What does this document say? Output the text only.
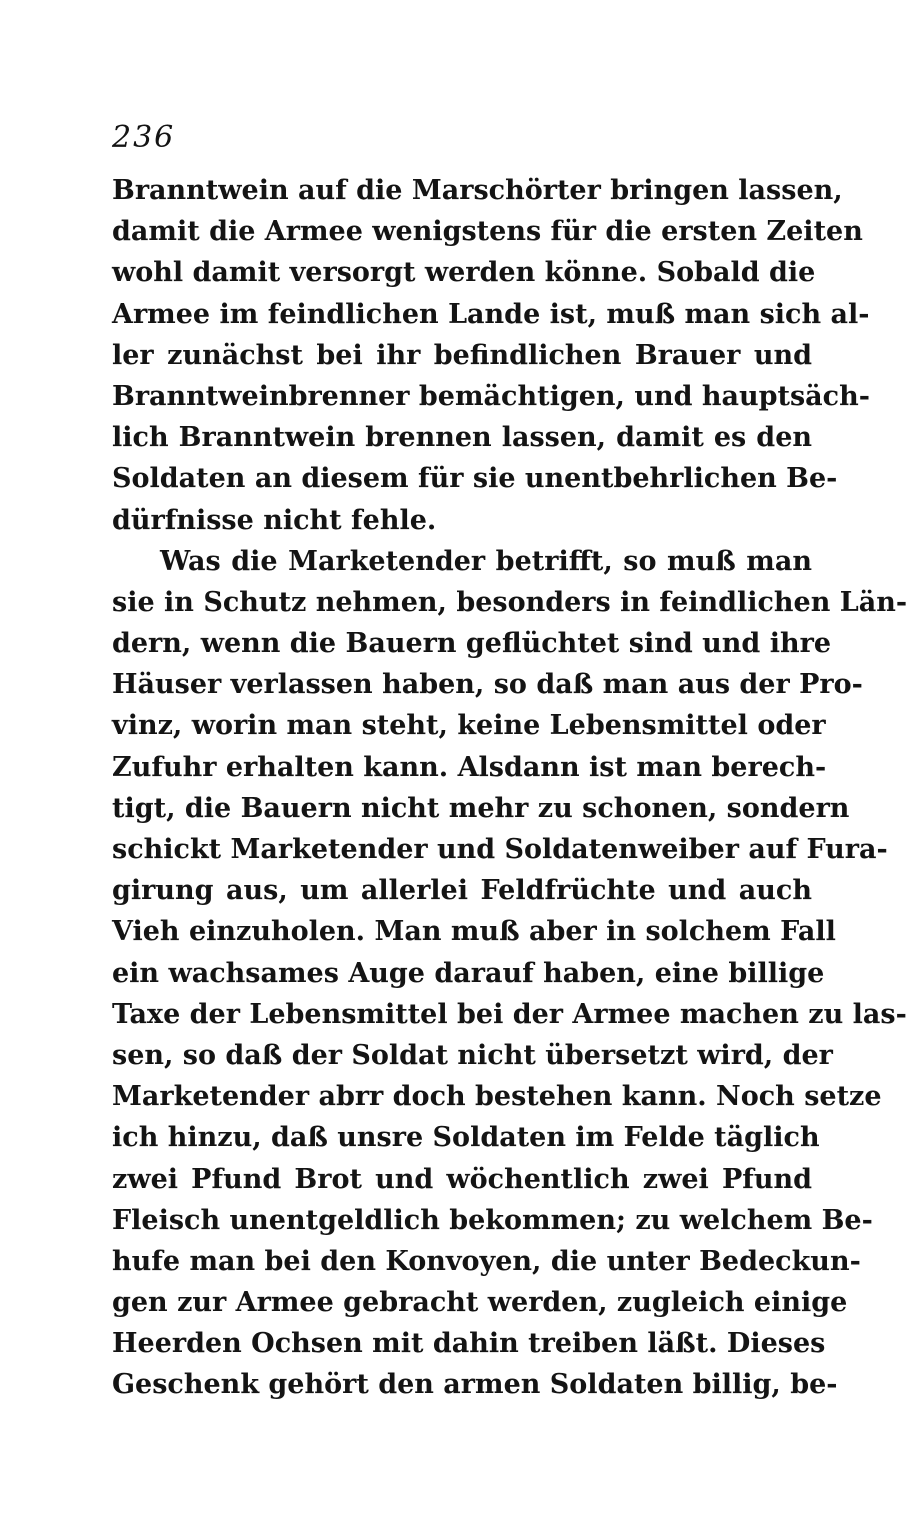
236
Branntwein auf die Marschörter bringen lassen,
damit die Armee wenigstens für die ersten Zeiten
wohl damit versorgt werden könne. Sobald die
Armee im feindlichen Lande ist, muß man sich al-
ler zunächst bei ihr befindlichen Brauer und
Branntweinbrenner bemächtigen, und hauptsäch-
lich Branntwein brennen lassen, damit es den
Soldaten an diesem für sie unentbehrlichen Be-
dürfnisse nicht fehle.
Was die Marketender betrifft, so muß man
sie in Schutz nehmen, besonders in feindlichen Län-
dern, wenn die Bauern geflüchtet sind und ihre
Häuser verlassen haben, so daß man aus der Pro-
vinz, worin man steht, keine Lebensmittel oder
Zufuhr erhalten kann. Alsdann ist man berech-
tigt, die Bauern nicht mehr zu schonen, sondern
schickt Marketender und Soldatenweiber auf Fura-
girung aus, um allerlei Feldfrüchte und auch
Vieh einzuholen. Man muß aber in solchem Fall
ein wachsames Auge darauf haben, eine billige
Taxe der Lebensmittel bei der Armee machen zu las-
sen, so daß der Soldat nicht übersetzt wird, der
Marketender abrr doch bestehen kann. Noch setze
ich hinzu, daß unsre Soldaten im Felde täglich
zwei Pfund Brot und wöchentlich zwei Pfund
Fleisch unentgeldlich bekommen; zu welchem Be-
hufe man bei den Konvoyen, die unter Bedeckun-
gen zur Armee gebracht werden, zugleich einige
Heerden Ochsen mit dahin treiben läßt. Dieses
Geschenk gehört den armen Soldaten billig, be-
